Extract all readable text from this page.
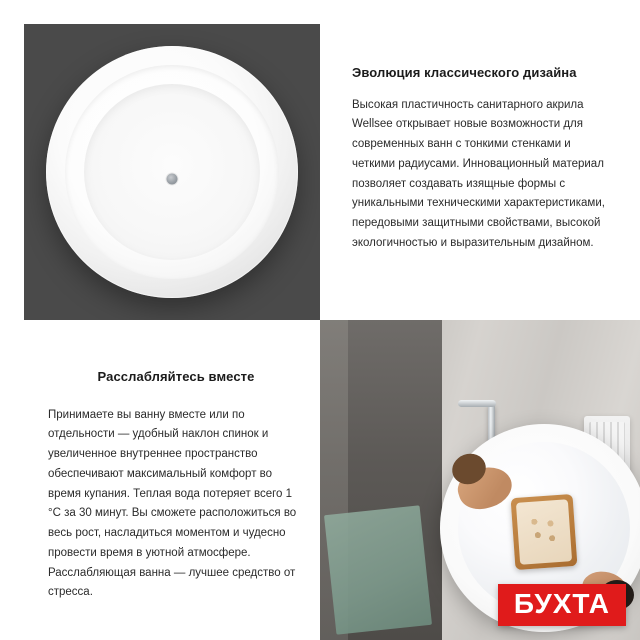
Эволюция классического дизайна

Высокая пластичность санитарного акрила Wellsee открывает новые возможности для современных ванн с тонкими стенками и четкими радиусами. Инновационный материал позволяет создавать изящные формы с уникальными техническими характеристиками, передовыми защитными свойствами, высокой экологичностью и выразительным дизайном.

Расслабляйтесь вместе

Принимаете вы ванну вместе или по отдельности — удобный наклон спинок и увеличенное внутреннее пространство обеспечивают максимальный комфорт во время купания. Теплая вода потеряет всего 1 °C за 30 минут. Вы сможете расположиться во весь рост, насладиться моментом и чудесно провести время в уютной атмосфере. Расслабляющая ванна — лучшее средство от стресса.	БУХТА
